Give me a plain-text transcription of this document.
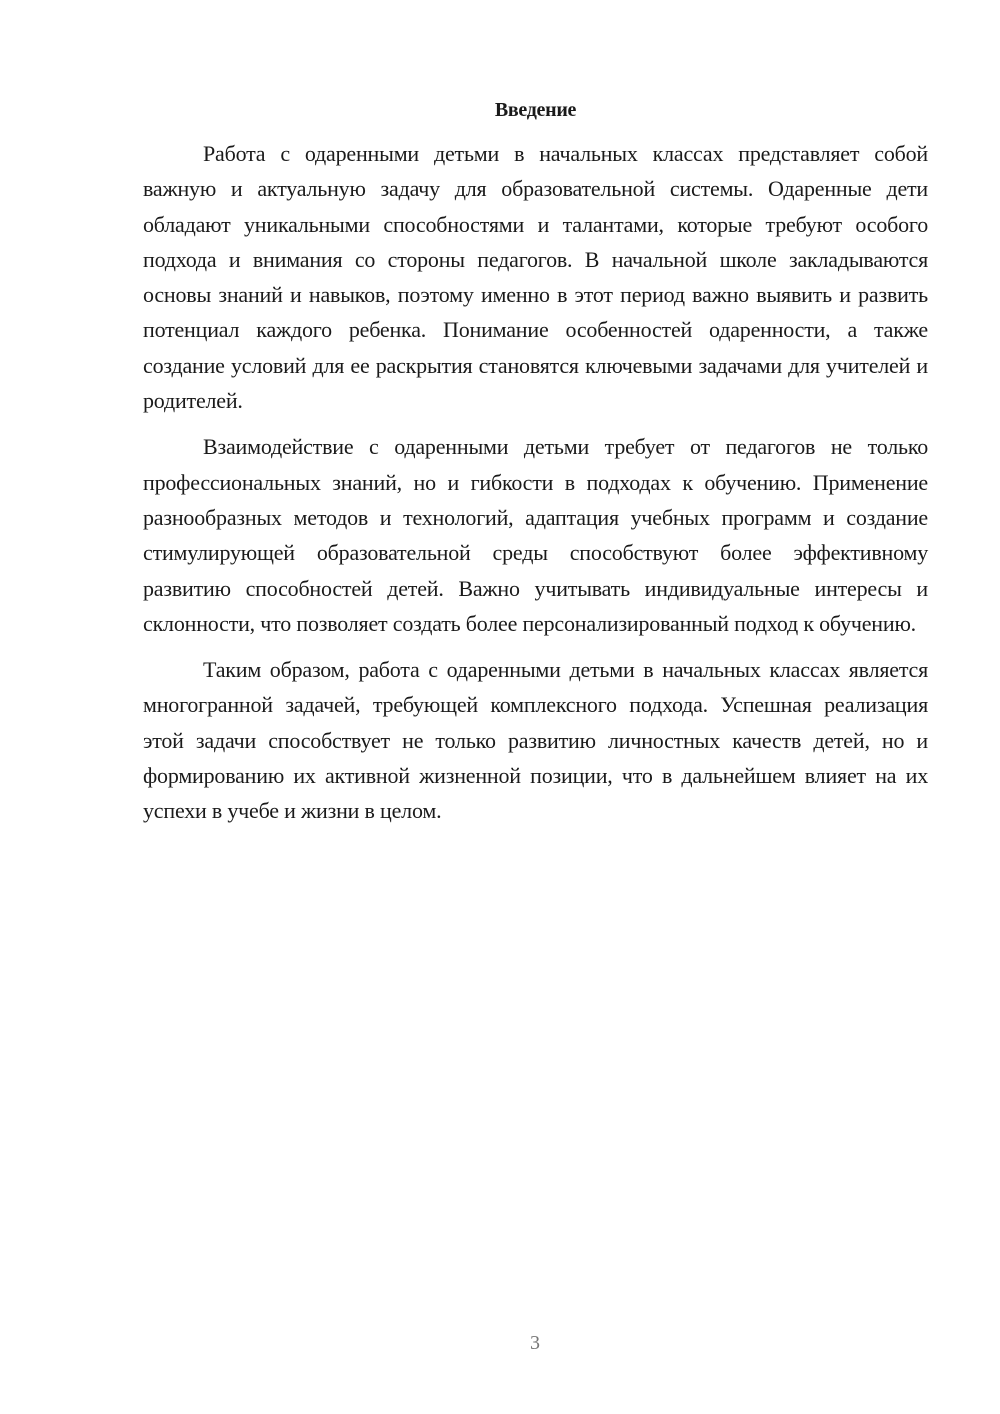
Введение

Работа с одаренными детьми в начальных классах представляет собой важную и актуальную задачу для образовательной системы. Одаренные дети обладают уникальными способностями и талантами, которые требуют особого подхода и внимания со стороны педагогов. В начальной школе закладываются основы знаний и навыков, поэтому именно в этот период важно выявить и развить потенциал каждого ребенка. Понимание особенностей одаренности, а также создание условий для ее раскрытия становятся ключевыми задачами для учителей и родителей.

Взаимодействие с одаренными детьми требует от педагогов не только профессиональных знаний, но и гибкости в подходах к обучению. Применение разнообразных методов и технологий, адаптация учебных программ и создание стимулирующей образовательной среды способствуют более эффективному развитию способностей детей. Важно учитывать индивидуальные интересы и склонности, что позволяет создать более персонализированный подход к обучению.

Таким образом, работа с одаренными детьми в начальных классах является многогранной задачей, требующей комплексного подхода. Успешная реализация этой задачи способствует не только развитию личностных качеств детей, но и формированию их активной жизненной позиции, что в дальнейшем влияет на их успехи в учебе и жизни в целом.

3
